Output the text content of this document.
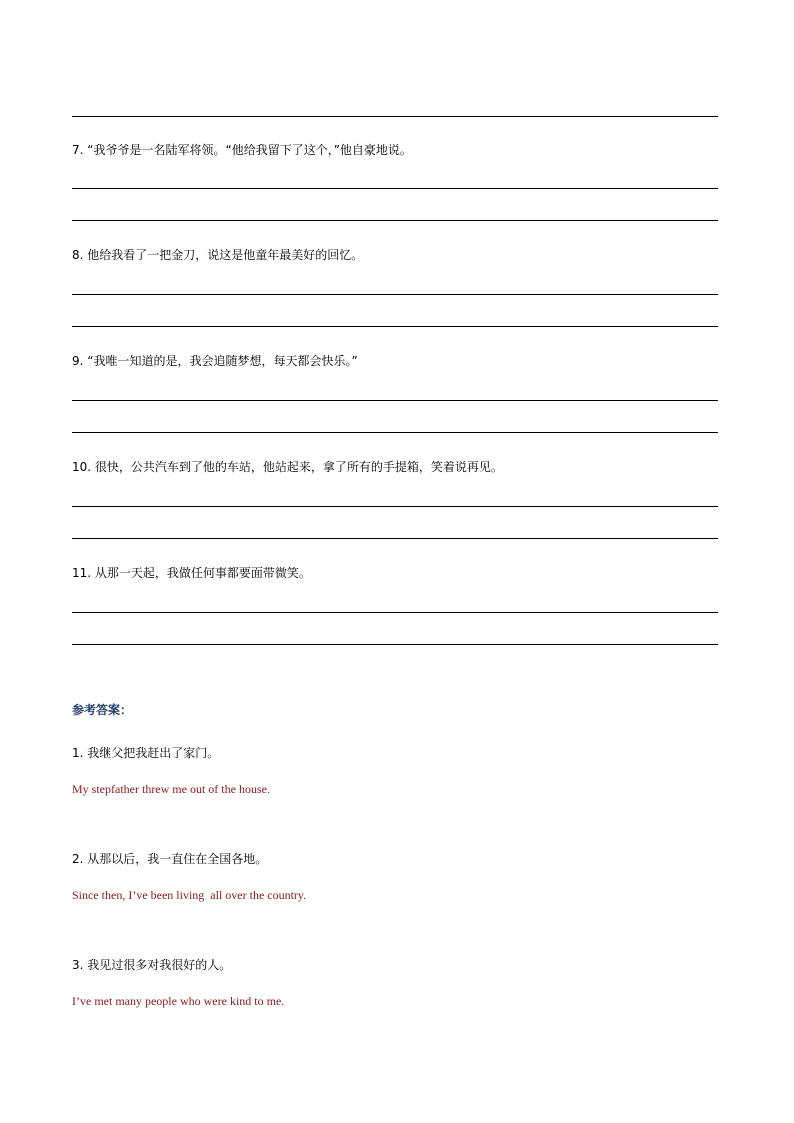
7. “我爷爷是一名陆军将领。“他给我留下了这个，”他自豪地说。
8. 他给我看了一把金刀，说这是他童年最美好的回忆。
9. “我唯一知道的是，我会追随梦想，每天都会快乐。”
10. 很快，公共汽车到了他的车站，他站起来，拿了所有的手提箱，笑着说再见。
11. 从那一天起，我做任何事都要面带微笑。
参考答案：
1. 我继父把我赶出了家门。
My stepfather threw me out of the house.
2. 从那以后，我一直住在全国各地。
Since then, I’ve been living  all over the country.
3. 我见过很多对我很好的人。
I’ve met many people who were kind to me.
